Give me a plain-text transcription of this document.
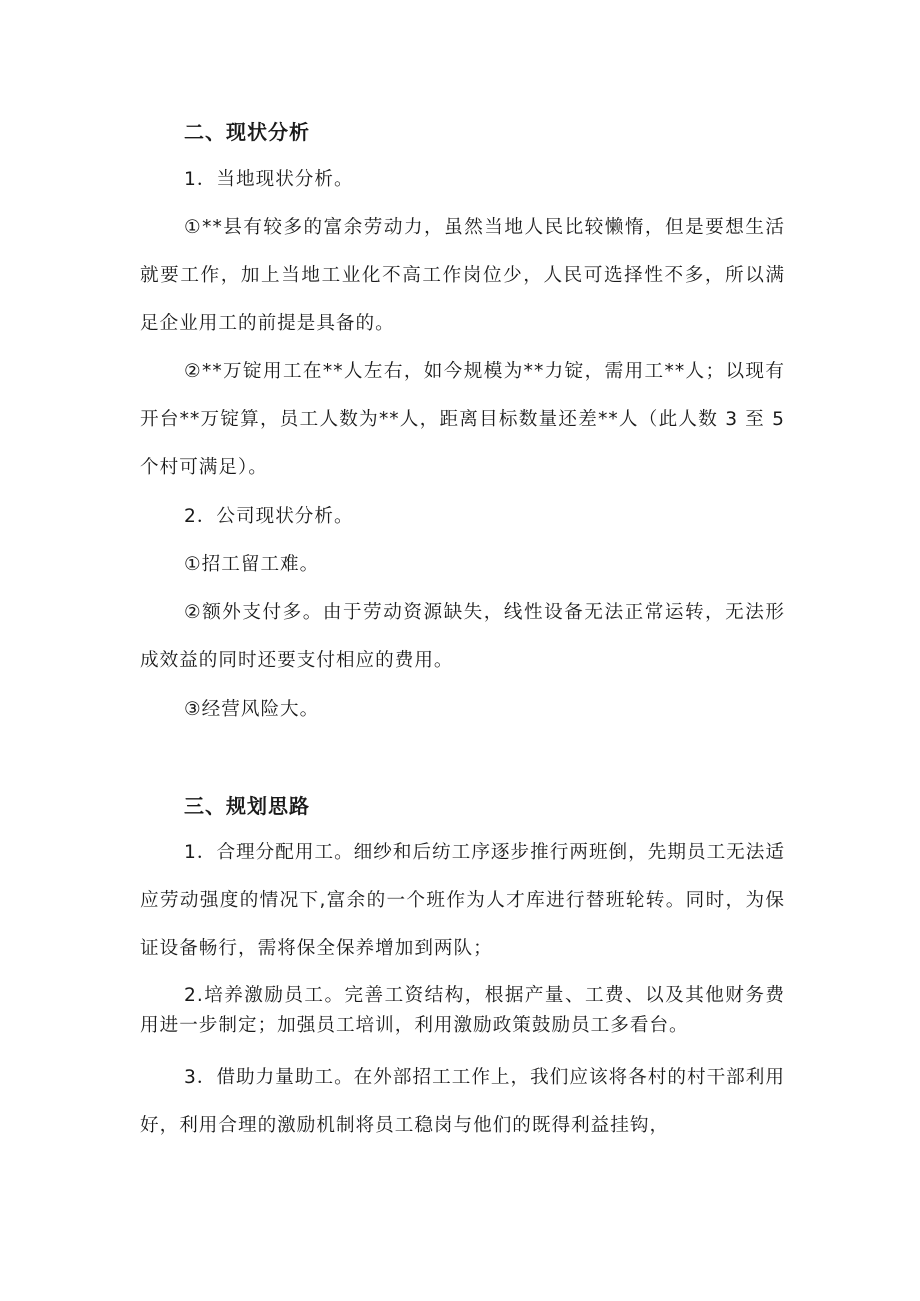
二、现状分析
1．当地现状分析。
①**县有较多的富余劳动力，虽然当地人民比较懒惰，但是要想生活就要工作，加上当地工业化不高工作岗位少，人民可选择性不多，所以满足企业用工的前提是具备的。
②**万锭用工在**人左右，如今规模为**力锭，需用工**人；以现有开台**万锭算，员工人数为**人，距离目标数量还差**人（此人数 3 至 5 个村可满足）。
2．公司现状分析。
①招工留工难。
②额外支付多。由于劳动资源缺失，线性设备无法正常运转，无法形成效益的同时还要支付相应的费用。
③经营风险大。
三、规划思路
1．合理分配用工。细纱和后纺工序逐步推行两班倒，先期员工无法适应劳动强度的情况下,富余的一个班作为人才库进行替班轮转。同时，为保证设备畅行，需将保全保养增加到两队；
2.培养激励员工。完善工资结构，根据产量、工费、以及其他财务费用进一步制定；加强员工培训，利用激励政策鼓励员工多看台。
3．借助力量助工。在外部招工工作上，我们应该将各村的村干部利用好，利用合理的激励机制将员工稳岗与他们的既得利益挂钩，
